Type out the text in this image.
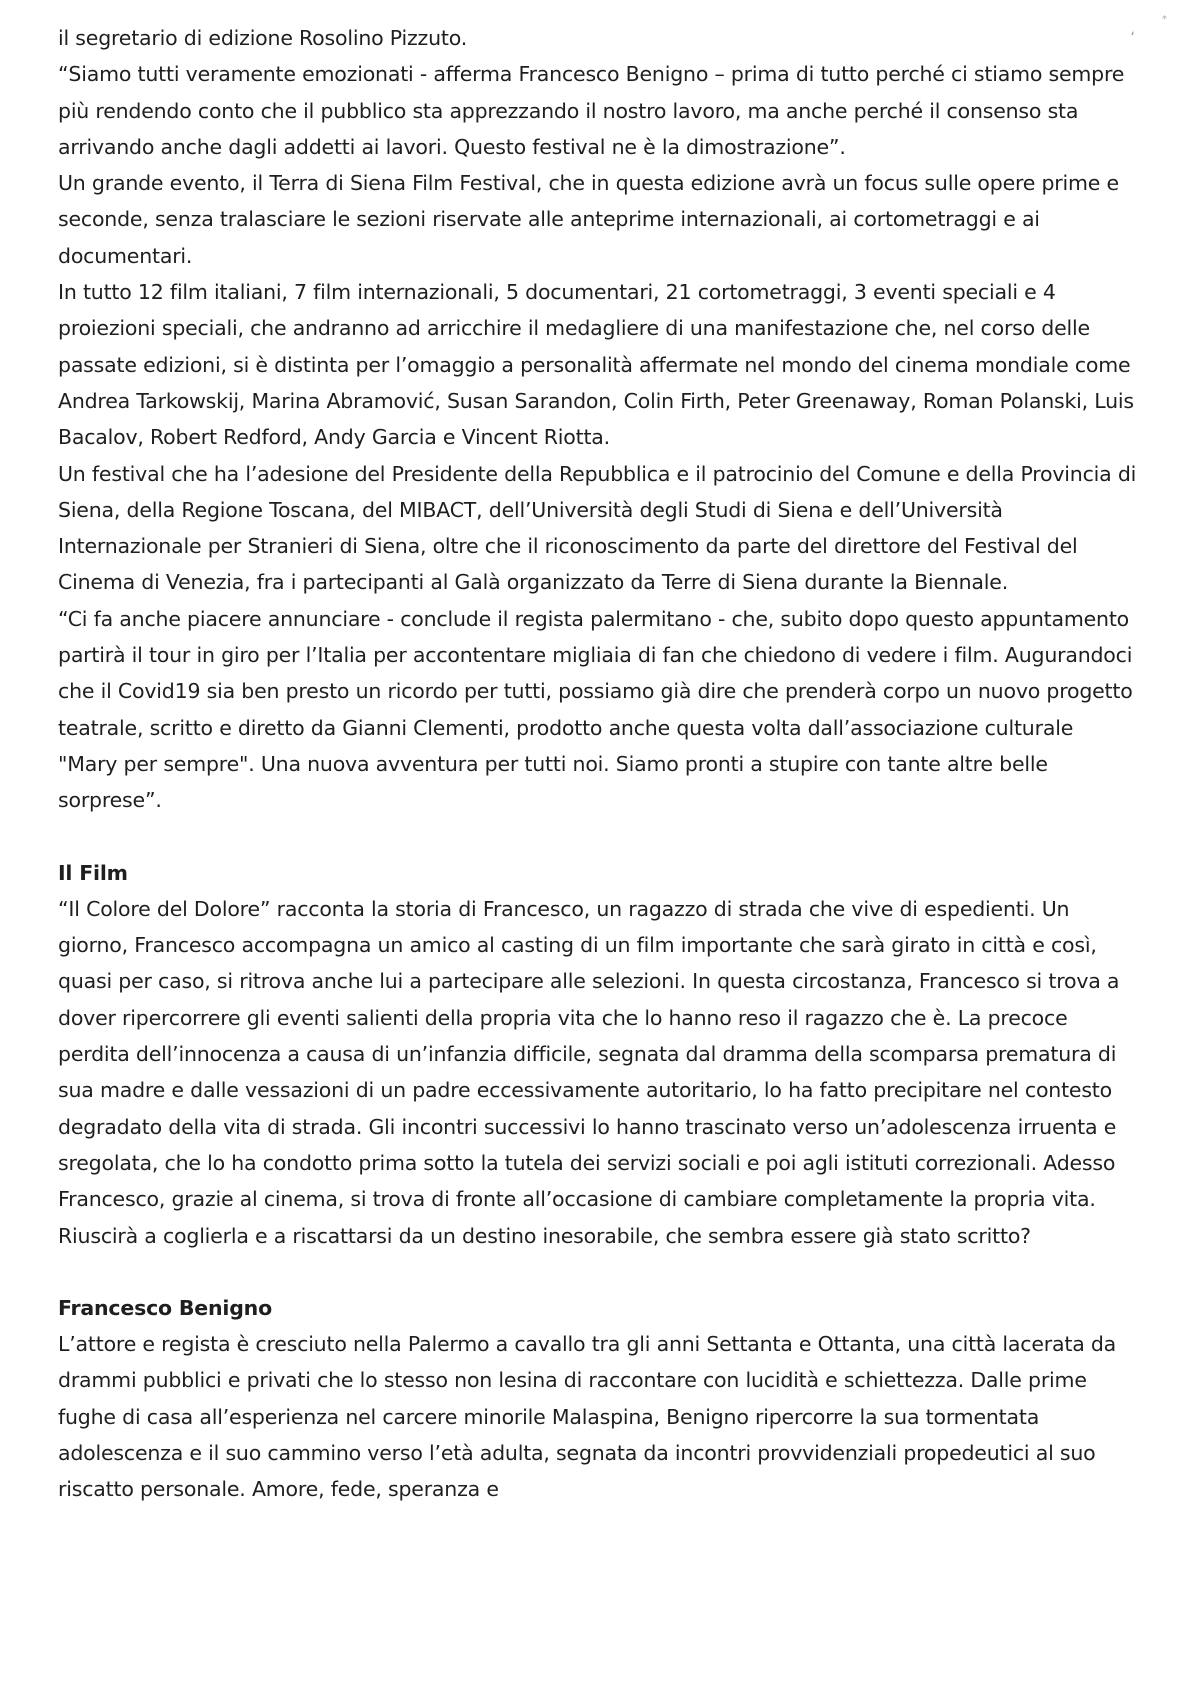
*
ʻ

il segretario di edizione Rosolino Pizzuto.

“Siamo tutti veramente emozionati - afferma Francesco Benigno – prima di tutto perché ci stiamo sempre più rendendo conto che il pubblico sta apprezzando il nostro lavoro, ma anche perché il consenso sta arrivando anche dagli addetti ai lavori. Questo festival ne è la dimostrazione”.

Un grande evento, il Terra di Siena Film Festival, che in questa edizione avrà un focus sulle opere prime e seconde, senza tralasciare le sezioni riservate alle anteprime internazionali, ai cortometraggi e ai documentari.

In tutto 12 film italiani, 7 film internazionali, 5 documentari, 21 cortometraggi, 3 eventi speciali e 4 proiezioni speciali, che andranno ad arricchire il medagliere di una manifestazione che, nel corso delle passate edizioni, si è distinta per l’omaggio a personalità affermate nel mondo del cinema mondiale come Andrea Tarkowskij, Marina Abramović, Susan Sarandon, Colin Firth, Peter Greenaway, Roman Polanski, Luis Bacalov, Robert Redford, Andy Garcia e Vincent Riotta.

Un festival che ha l’adesione del Presidente della Repubblica e il patrocinio del Comune e della Provincia di Siena, della Regione Toscana, del MIBACT, dell’Università degli Studi di Siena e dell’Università Internazionale per Stranieri di Siena, oltre che il riconoscimento da parte del direttore del Festival del Cinema di Venezia, fra i partecipanti al Galà organizzato da Terre di Siena durante la Biennale.

“Ci fa anche piacere annunciare - conclude il regista palermitano - che, subito dopo questo appuntamento partirà il tour in giro per l’Italia per accontentare migliaia di fan che chiedono di vedere i film. Augurandoci che il Covid19 sia ben presto un ricordo per tutti, possiamo già dire che prenderà corpo un nuovo progetto teatrale, scritto e diretto da Gianni Clementi, prodotto anche questa volta dall’associazione culturale "Mary per sempre". Una nuova avventura per tutti noi. Siamo pronti a stupire con tante altre belle sorprese”.

Il Film

“Il Colore del Dolore” racconta la storia di Francesco, un ragazzo di strada che vive di espedienti. Un giorno, Francesco accompagna un amico al casting di un film importante che sarà girato in città e così, quasi per caso, si ritrova anche lui a partecipare alle selezioni. In questa circostanza, Francesco si trova a dover ripercorrere gli eventi salienti della propria vita che lo hanno reso il ragazzo che è. La precoce perdita dell’innocenza a causa di un’infanzia difficile, segnata dal dramma della scomparsa prematura di sua madre e dalle vessazioni di un padre eccessivamente autoritario, lo ha fatto precipitare nel contesto degradato della vita di strada. Gli incontri successivi lo hanno trascinato verso un’adolescenza irruenta e sregolata, che lo ha condotto prima sotto la tutela dei servizi sociali e poi agli istituti correzionali. Adesso Francesco, grazie al cinema, si trova di fronte all’occasione di cambiare completamente la propria vita. Riuscirà a coglierla e a riscattarsi da un destino inesorabile, che sembra essere già stato scritto?

Francesco Benigno

L’attore e regista è cresciuto nella Palermo a cavallo tra gli anni Settanta e Ottanta, una città lacerata da drammi pubblici e privati che lo stesso non lesina di raccontare con lucidità e schiettezza. Dalle prime fughe di casa all’esperienza nel carcere minorile Malaspina, Benigno ripercorre la sua tormentata adolescenza e il suo cammino verso l’età adulta, segnata da incontri provvidenziali propedeutici al suo riscatto personale. Amore, fede, speranza e
